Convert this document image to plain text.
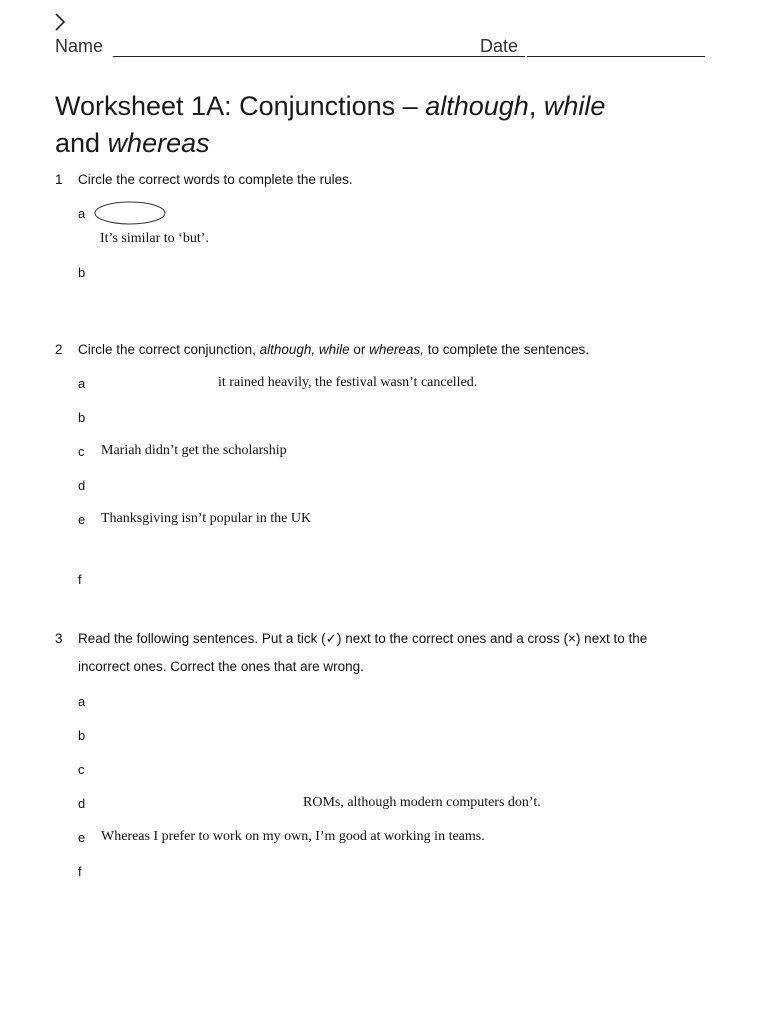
Name	Date
Worksheet 1A: Conjunctions – although, while
and whereas
1 Circle the correct words to complete the rules.
a
It’s similar to ‘but’.
b
2 Circle the correct conjunction, although, while or whereas, to complete the sentences.
a	it rained heavily, the festival wasn’t cancelled.
b
c Mariah didn’t get the scholarship
d
e Thanksgiving isn’t popular in the UK
f
3 Read the following sentences. Put a tick (✓) next to the correct ones and a cross (×) next to the incorrect ones. Correct the ones that are wrong.
a
b
c
d	ROMs, although modern computers don’t.
e Whereas I prefer to work on my own, I’m good at working in teams.
f
